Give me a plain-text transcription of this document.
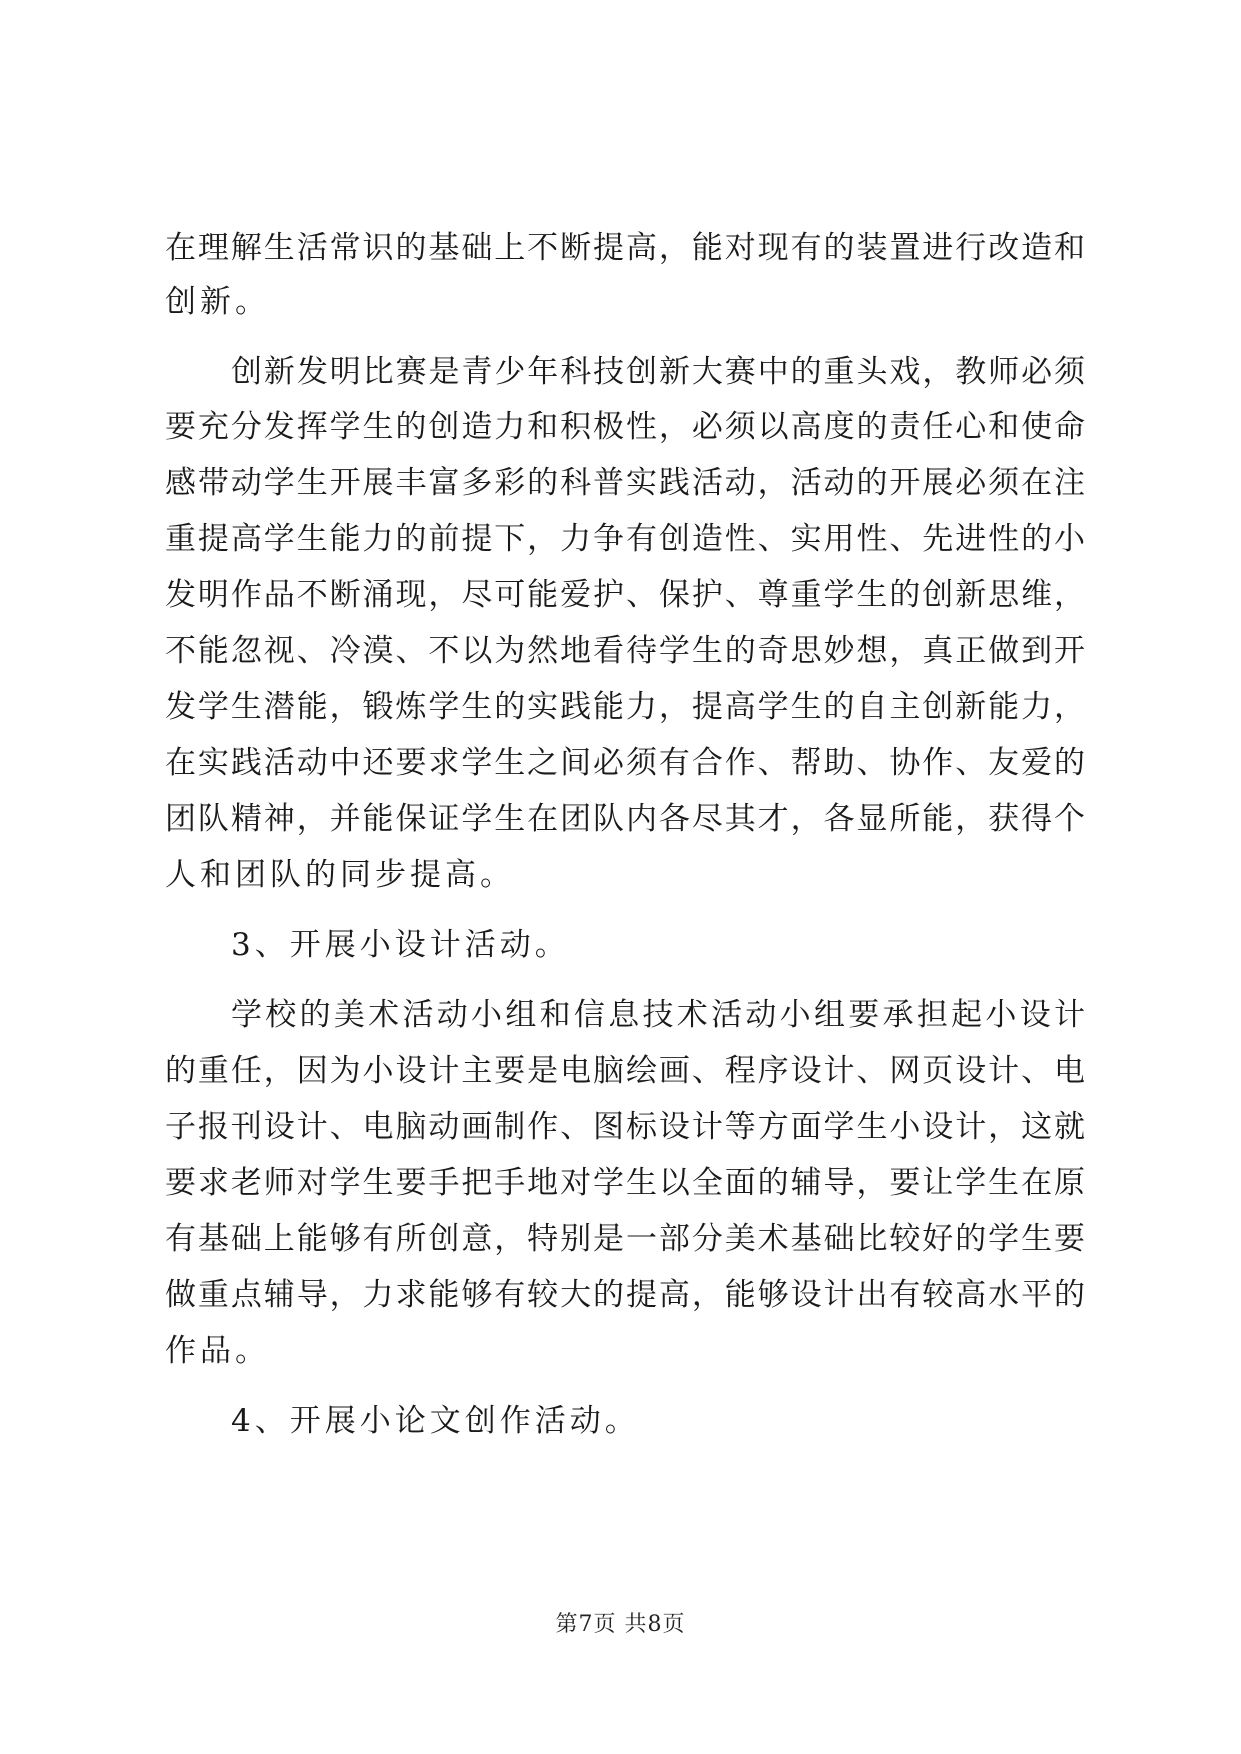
在理解生活常识的基础上不断提高，能对现有的装置进行改造和
创新。
创新发明比赛是青少年科技创新大赛中的重头戏，教师必须
要充分发挥学生的创造力和积极性，必须以高度的责任心和使命
感带动学生开展丰富多彩的科普实践活动，活动的开展必须在注
重提高学生能力的前提下，力争有创造性、实用性、先进性的小
发明作品不断涌现，尽可能爱护、保护、尊重学生的创新思维，
不能忽视、冷漠、不以为然地看待学生的奇思妙想，真正做到开
发学生潜能，锻炼学生的实践能力，提高学生的自主创新能力，
在实践活动中还要求学生之间必须有合作、帮助、协作、友爱的
团队精神，并能保证学生在团队内各尽其才，各显所能，获得个
人和团队的同步提高。
3、开展小设计活动。
学校的美术活动小组和信息技术活动小组要承担起小设计
的重任，因为小设计主要是电脑绘画、程序设计、网页设计、电
子报刊设计、电脑动画制作、图标设计等方面学生小设计，这就
要求老师对学生要手把手地对学生以全面的辅导，要让学生在原
有基础上能够有所创意，特别是一部分美术基础比较好的学生要
做重点辅导，力求能够有较大的提高，能够设计出有较高水平的
作品。
4、开展小论文创作活动。
第7页 共8页
